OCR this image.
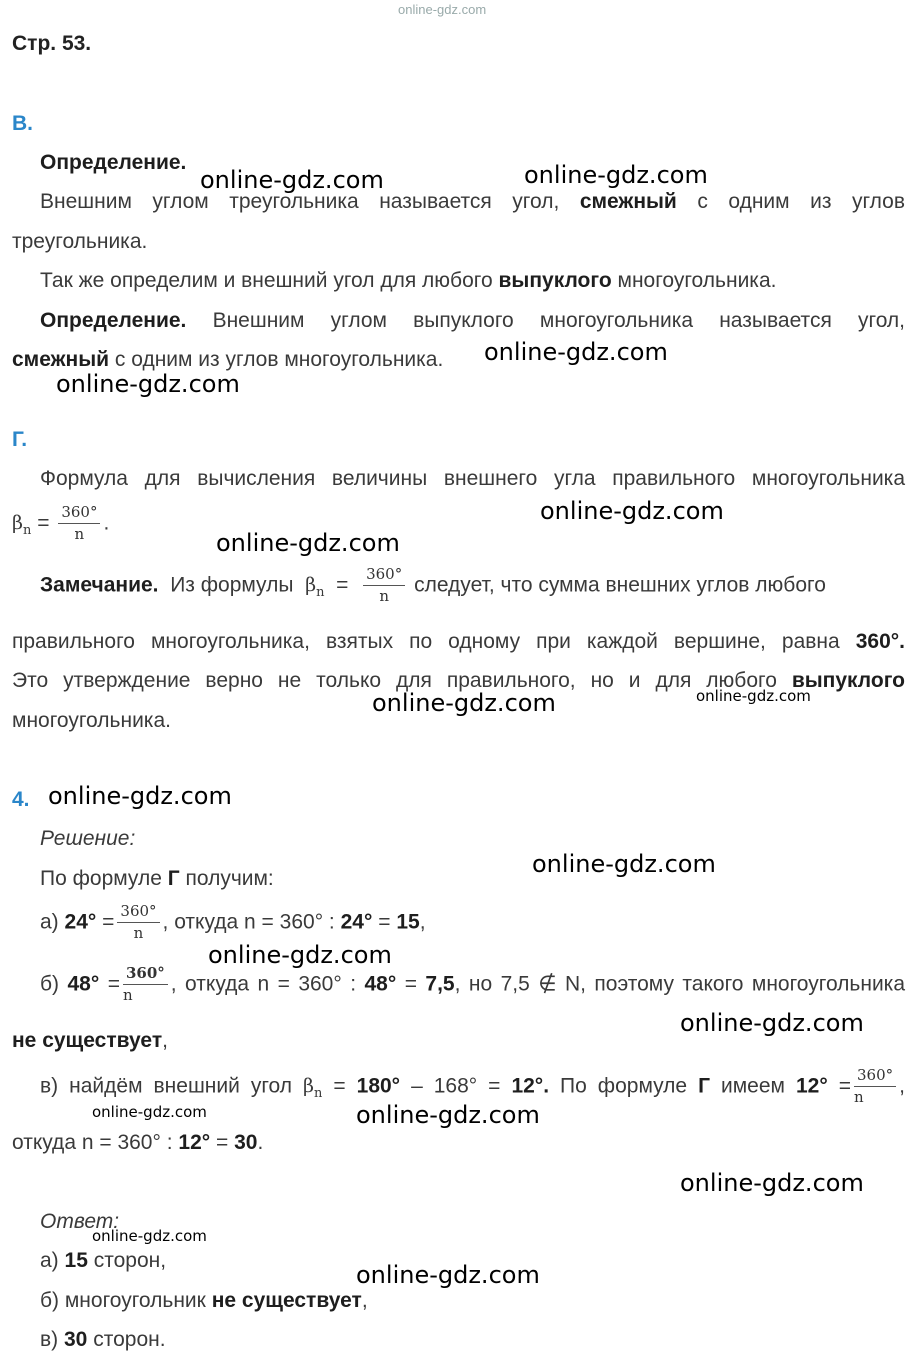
online-gdz.com
Стр. 53.
В.
Определение.
Внешним углом треугольника называется угол, смежный с одним из углов
треугольника.
Так же определим и внешний угол для любого выпуклого многоугольника.
Определение. Внешним углом выпуклого многоугольника называется угол,
смежный с одним из углов многоугольника.
Г.
Формула для вычисления величины внешнего угла правильного многоугольника
$\beta_n = \frac{360^\circ}{n}$ .
Замечание. Из формулы $\beta_n = \frac{360^\circ}{n}$ следует, что сумма внешних углов любого
правильного многоугольника, взятых по одному при каждой вершине, равна 360°.
Это утверждение верно не только для правильного, но и для любого выпуклого
многоугольника.
4.
Решение:
По формуле Г получим:
а) $24^\circ = \frac{360^\circ}{n}$ , откуда n = 360° : 24° = 15,
б) $48^\circ = \frac{360^\circ}{n}$ , откуда n = 360° : 48° = 7,5, но 7,5 ∉ N, поэтому такого многоугольника
не существует,
в) найдём внешний угол $\beta_n = 180^\circ - 168^\circ = 12^\circ$. По формуле Г имеем $12^\circ = \frac{360^\circ}{n}$ ,
откуда n = 360° : 12° = 30.
Ответ:
а) 15 сторон,
б) многоугольник не существует,
в) 30 сторон.
online-gdz.com	online-gdz.com
online-gdz.com
online-gdz.com
online-gdz.com
online-gdz.com
online-gdz.com
online-gdz.com
online-gdz.com
online-gdz.com
online-gdz.com
online-gdz.com
online-gdz.com	online-gdz.com
online-gdz.com
online-gdz.com
online-gdz.com
